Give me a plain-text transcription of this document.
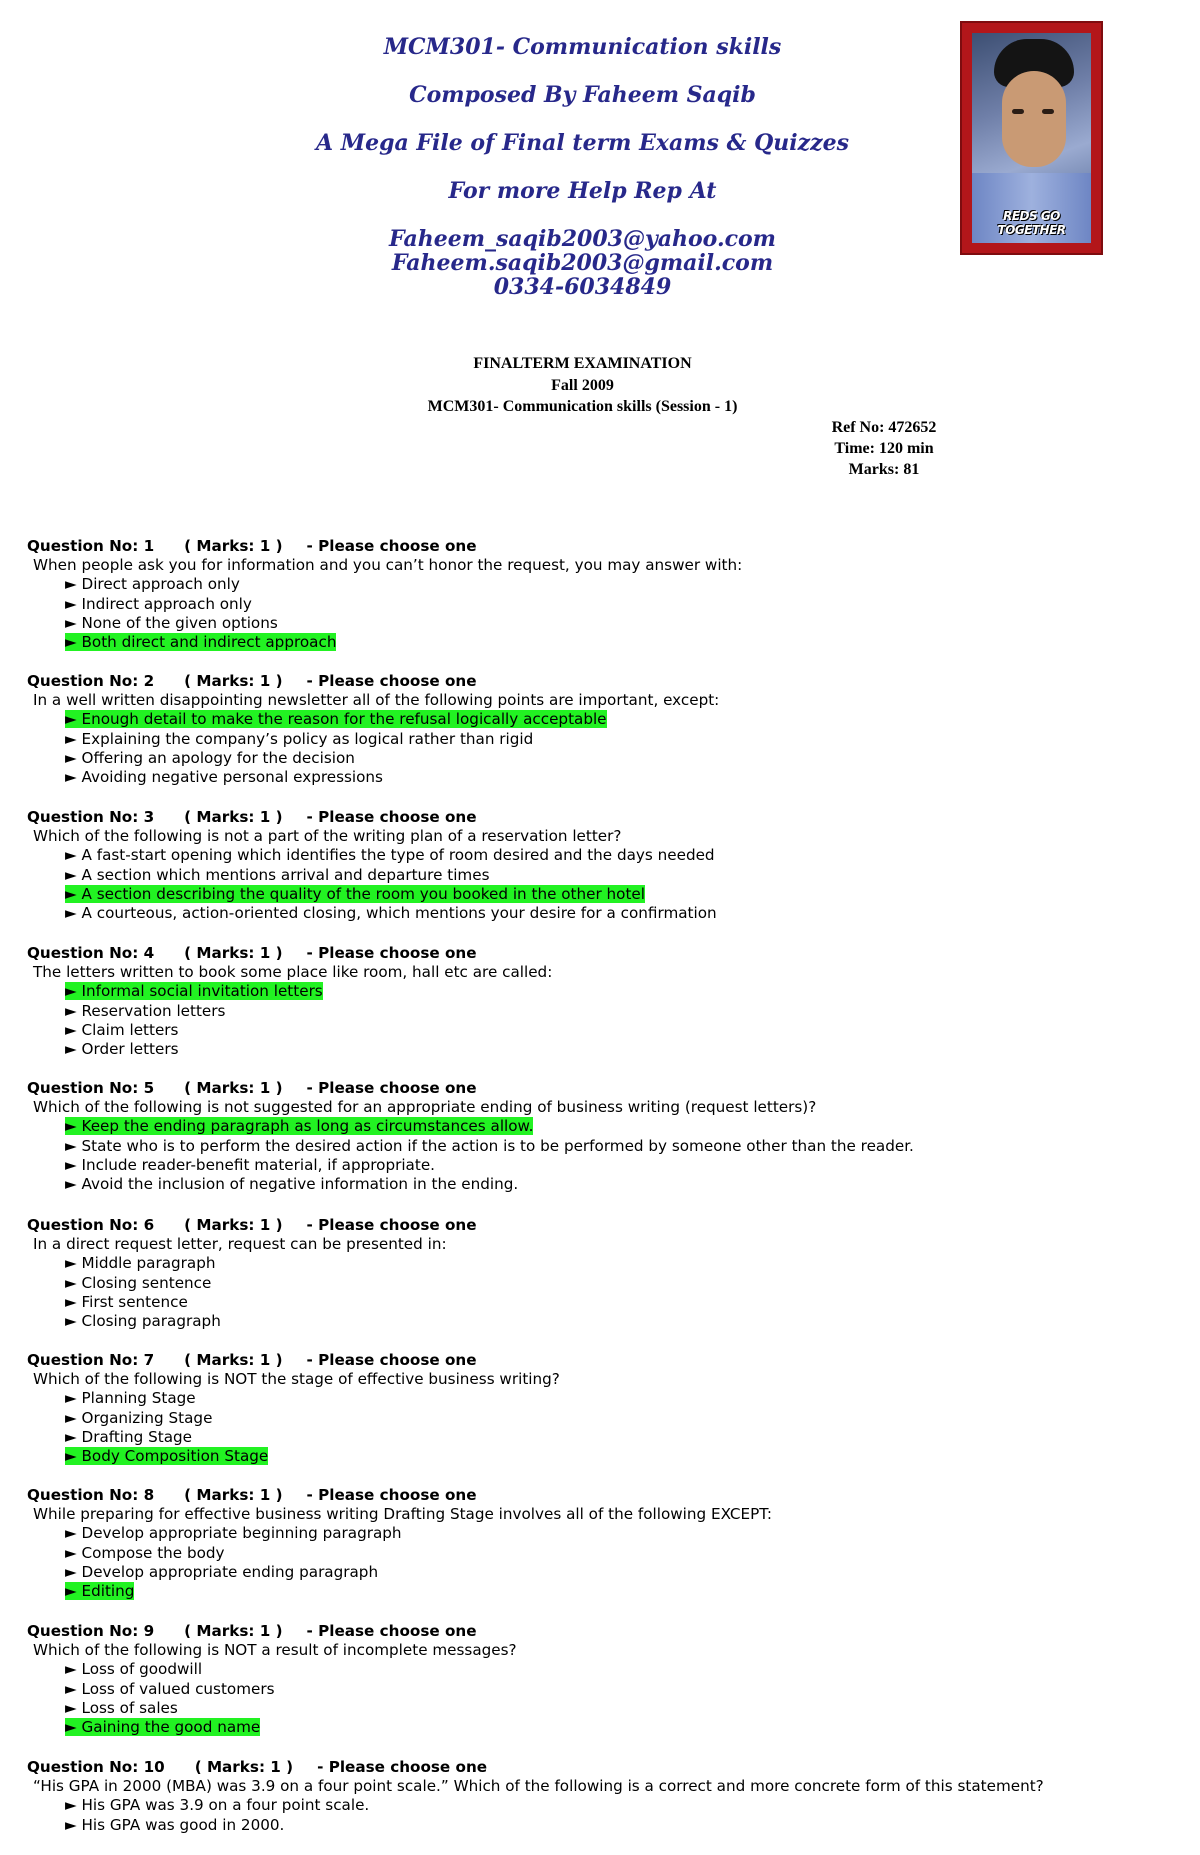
MCM301- Communication skills

Composed By Faheem Saqib

A Mega File of Final term Exams & Quizzes

For more Help Rep At

Faheem_saqib2003@yahoo.com

Faheem.saqib2003@gmail.com

0334-6034849

REDS GO TOGETHER

FINALTERM EXAMINATION

Fall 2009

MCM301- Communication skills (Session - 1)

Ref No: 472652

Time: 120 min

Marks: 81

Question No: 1 ( Marks: 1 ) - Please choose one
When people ask you for information and you can’t honor the request, you may answer with:
► Direct approach only
► Indirect approach only
► None of the given options
► Both direct and indirect approach
Question No: 2 ( Marks: 1 ) - Please choose one
In a well written disappointing newsletter all of the following points are important, except:
► Enough detail to make the reason for the refusal logically acceptable
► Explaining the company’s policy as logical rather than rigid
► Offering an apology for the decision
► Avoiding negative personal expressions
Question No: 3 ( Marks: 1 ) - Please choose one
Which of the following is not a part of the writing plan of a reservation letter?
► A fast-start opening which identifies the type of room desired and the days needed
► A section which mentions arrival and departure times
► A section describing the quality of the room you booked in the other hotel
► A courteous, action-oriented closing, which mentions your desire for a confirmation
Question No: 4 ( Marks: 1 ) - Please choose one
The letters written to book some place like room, hall etc are called:
► Informal social invitation letters
► Reservation letters
► Claim letters
► Order letters
Question No: 5 ( Marks: 1 ) - Please choose one
Which of the following is not suggested for an appropriate ending of business writing (request letters)?
► Keep the ending paragraph as long as circumstances allow.
► State who is to perform the desired action if the action is to be performed by someone other than the reader.
► Include reader-benefit material, if appropriate.
► Avoid the inclusion of negative information in the ending.
Question No: 6 ( Marks: 1 ) - Please choose one
In a direct request letter, request can be presented in:
► Middle paragraph
► Closing sentence
► First sentence
► Closing paragraph
Question No: 7 ( Marks: 1 ) - Please choose one
Which of the following is NOT the stage of effective business writing?
► Planning Stage
► Organizing Stage
► Drafting Stage
► Body Composition Stage
Question No: 8 ( Marks: 1 ) - Please choose one
While preparing for effective business writing Drafting Stage involves all of the following EXCEPT:
► Develop appropriate beginning paragraph
► Compose the body
► Develop appropriate ending paragraph
► Editing
Question No: 9 ( Marks: 1 ) - Please choose one
Which of the following is NOT a result of incomplete messages?
► Loss of goodwill
► Loss of valued customers
► Loss of sales
► Gaining the good name
Question No: 10 ( Marks: 1 ) - Please choose one
“His GPA in 2000 (MBA) was 3.9 on a four point scale.” Which of the following is a correct and more concrete form of this statement?
► His GPA was 3.9 on a four point scale.
► His GPA was good in 2000.
